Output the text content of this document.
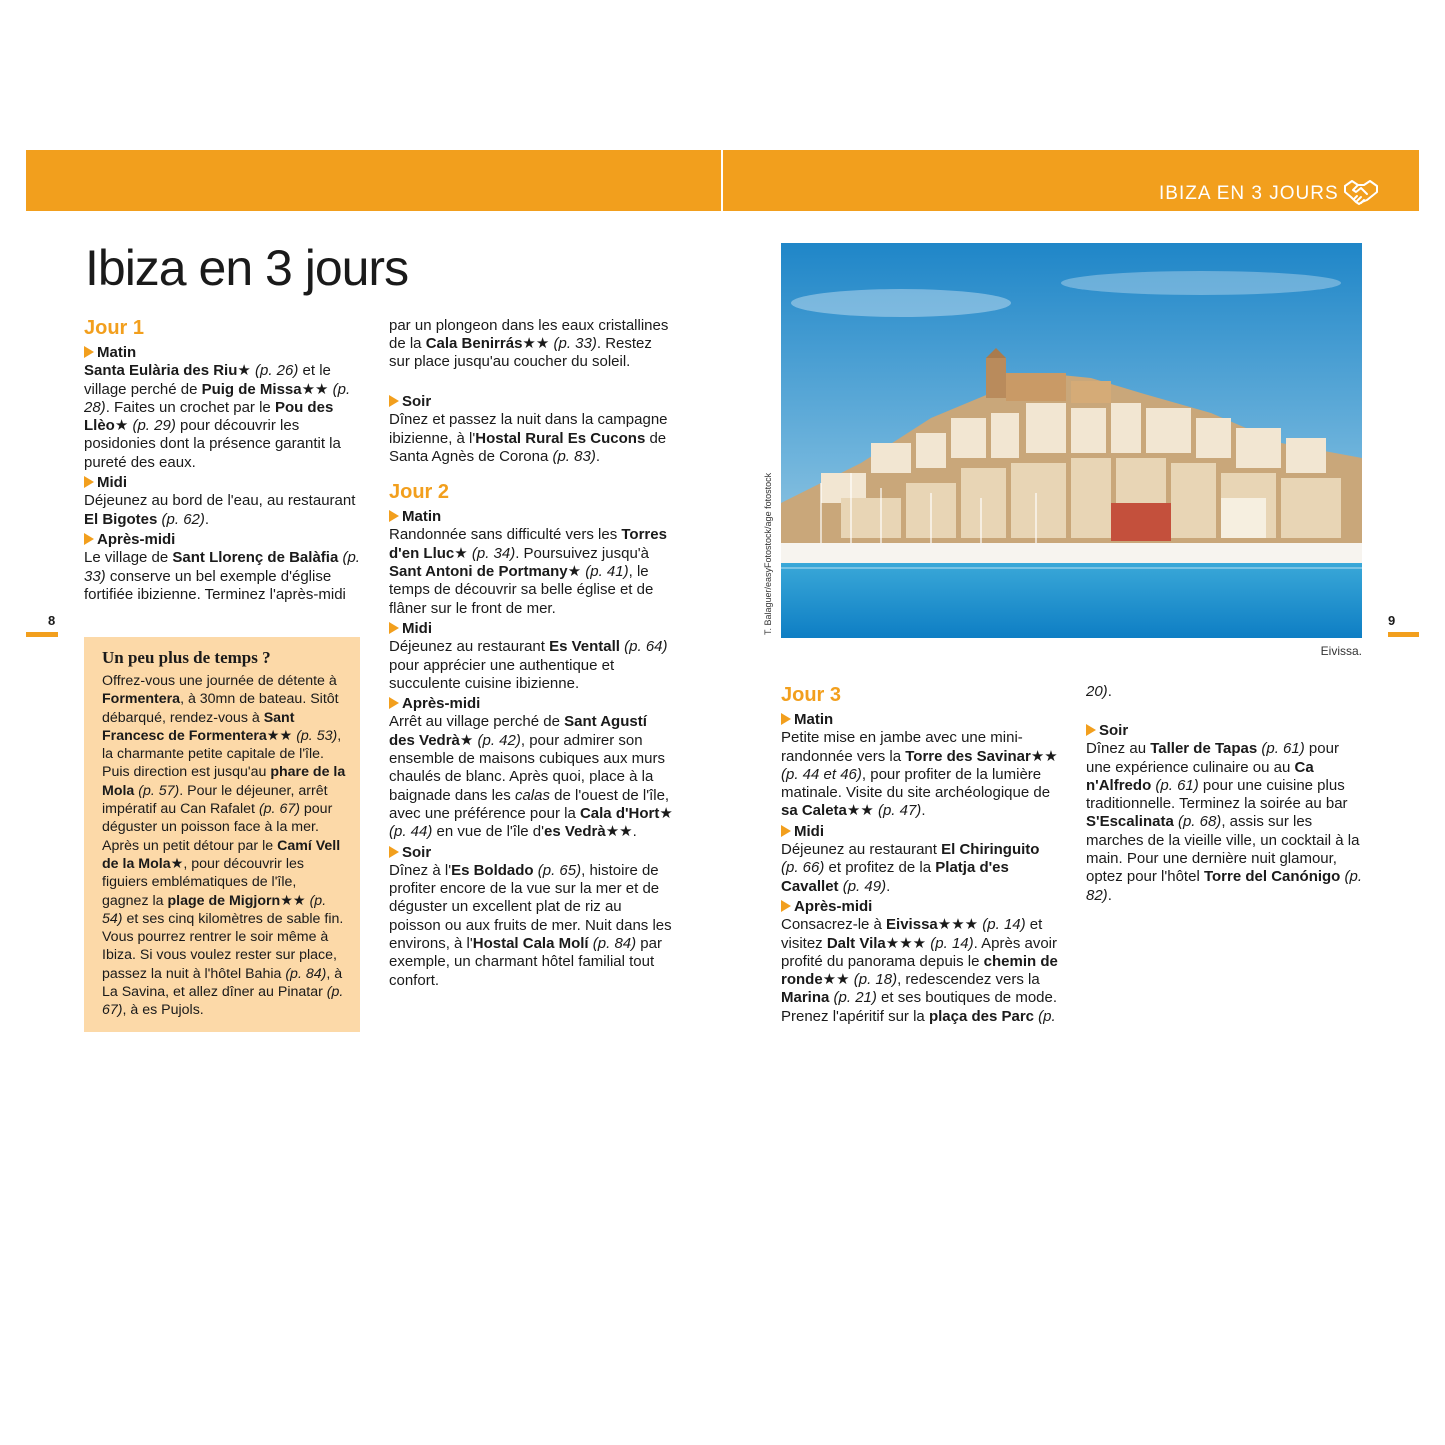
IBIZA EN 3 JOURS
Ibiza en 3 jours
Jour 1
Matin

Santa Eulària des Riu★ (p. 26) et le village perché de Puig de Missa★★ (p. 28). Faites un crochet par le Pou des Llèo★ (p. 29) pour découvrir les posidonies dont la présence garantit la pureté des eaux.

Midi

Déjeunez au bord de l'eau, au restaurant El Bigotes (p. 62).

Après-midi

Le village de Sant Llorenç de Balàfia (p. 33) conserve un bel exemple d'église fortifiée ibizienne. Terminez l'après-midi

Un peu plus de temps ?

Offrez-vous une journée de détente à Formentera, à 30mn de bateau. Sitôt débarqué, rendez-vous à Sant Francesc de Formentera★★ (p. 53), la charmante petite capitale de l'île. Puis direction est jusqu'au phare de la Mola (p. 57). Pour le déjeuner, arrêt impératif au Can Rafalet (p. 67) pour déguster un poisson face à la mer. Après un petit détour par le Camí Vell de la Mola★, pour découvrir les figuiers emblématiques de l'île, gagnez la plage de Migjorn★★ (p. 54) et ses cinq kilomètres de sable fin. Vous pourrez rentrer le soir même à Ibiza. Si vous voulez rester sur place, passez la nuit à l'hôtel Bahia (p. 84), à La Savina, et allez dîner au Pinatar (p. 67), à es Pujols.

par un plongeon dans les eaux cristallines de la Cala Benirrás★★ (p. 33). Restez sur place jusqu'au coucher du soleil.

Soir

Dînez et passez la nuit dans la campagne ibizienne, à l'Hostal Rural Es Cucons de Santa Agnès de Corona (p. 83).

Jour 2
Matin

Randonnée sans difficulté vers les Torres d'en Lluc★ (p. 34). Poursuivez jusqu'à Sant Antoni de Portmany★ (p. 41), le temps de découvrir sa belle église et de flâner sur le front de mer.

Midi

Déjeunez au restaurant Es Ventall (p. 64) pour apprécier une authentique et succulente cuisine ibizienne.

Après-midi

Arrêt au village perché de Sant Agustí des Vedrà★ (p. 42), pour admirer son ensemble de maisons cubiques aux murs chaulés de blanc. Après quoi, place à la baignade dans les calas de l'ouest de l'île, avec une préférence pour la Cala d'Hort★ (p. 44) en vue de l'île d'es Vedrà★★.

Soir

Dînez à l'Es Boldado (p. 65), histoire de profiter encore de la vue sur la mer et de déguster un excellent plat de riz au poisson ou aux fruits de mer. Nuit dans les environs, à l'Hostal Cala Molí (p. 84) par exemple, un charmant hôtel familial tout confort.

8	9
T. Balaguer/easyFotostock/age fotostock
Eivissa.
Jour 3
Matin

Petite mise en jambe avec une mini-randonnée vers la Torre des Savinar★★ (p. 44 et 46), pour profiter de la lumière matinale. Visite du site archéologique de sa Caleta★★ (p. 47).

Midi

Déjeunez au restaurant El Chiringuito (p. 66) et profitez de la Platja d'es Cavallet (p. 49).

Après-midi

Consacrez-le à Eivissa★★★ (p. 14) et visitez Dalt Vila★★★ (p. 14). Après avoir profité du panorama depuis le chemin de ronde★★ (p. 18), redescendez vers la Marina (p. 21) et ses boutiques de mode. Prenez l'apéritif sur la plaça des Parc (p.

20).

Soir

Dînez au Taller de Tapas (p. 61) pour une expérience culinaire ou au Ca n'Alfredo (p. 61) pour une cuisine plus traditionnelle. Terminez la soirée au bar S'Escalinata (p. 68), assis sur les marches de la vieille ville, un cocktail à la main. Pour une dernière nuit glamour, optez pour l'hôtel Torre del Canónigo (p. 82).
